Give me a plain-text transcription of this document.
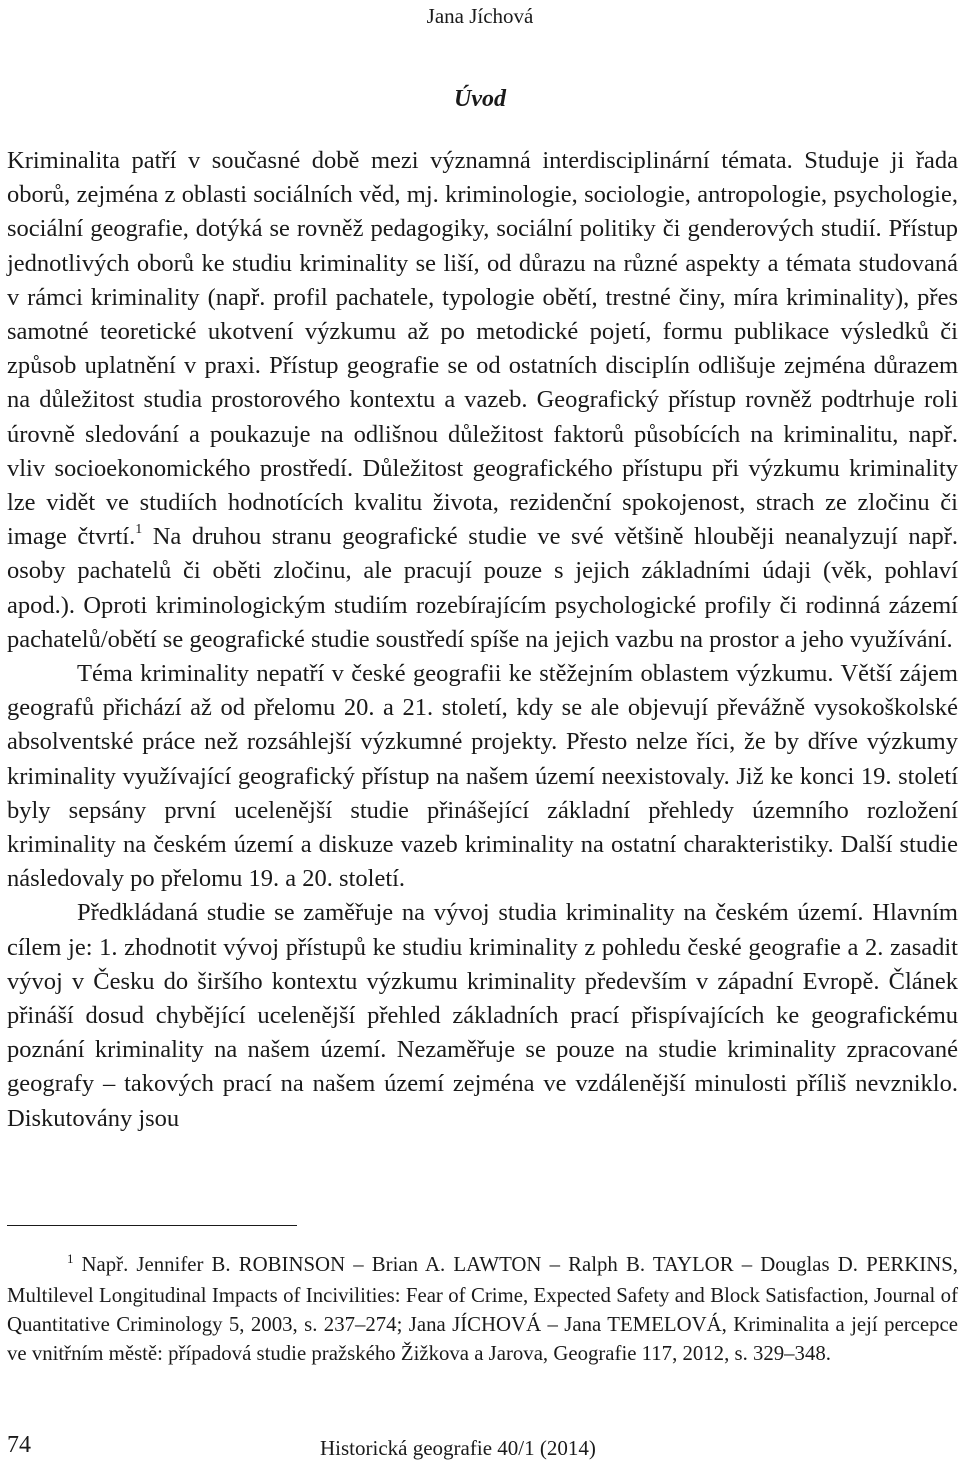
Jana Jíchová
Úvod

Kriminalita patří v současné době mezi významná interdisciplinární témata. Studuje ji řada oborů, zejména z oblasti sociálních věd, mj. kriminologie, sociologie, antropologie, psychologie, sociální geografie, dotýká se rovněž pedagogiky, sociální politiky či genderových studií. Přístup jednotlivých oborů ke studiu kriminality se liší, od důrazu na různé aspekty a témata studovaná v rámci kriminality (např. profil pachatele, typologie obětí, trestné činy, míra kriminality), přes samotné teoretické ukotvení výzkumu až po metodické pojetí, formu publikace výsledků či způsob uplatnění v praxi. Přístup geografie se od ostatních disciplín odlišuje zejména důrazem na důležitost studia prostorového kontextu a vazeb. Geografický přístup rovněž podtrhuje roli úrovně sledování a poukazuje na odlišnou důležitost faktorů působících na kriminalitu, např. vliv socioekonomického prostředí. Důležitost geografického přístupu při výzkumu kriminality lze vidět ve studiích hodnotících kvalitu života, rezidenční spokojenost, strach ze zločinu či image čtvrtí.$^1$ Na druhou stranu geografické studie ve své většině hlouběji neanalyzují např. osoby pachatelů či oběti zločinu, ale pracují pouze s jejich základními údaji (věk, pohlaví apod.). Oproti kriminologickým studiím rozebírajícím psychologické profily či rodinná zázemí pachatelů/obětí se geografické studie soustředí spíše na jejich vazbu na prostor a jeho využívání.

Téma kriminality nepatří v české geografii ke stěžejním oblastem výzkumu. Větší zájem geografů přichází až od přelomu 20. a 21. století, kdy se ale objevují převážně vysokoškolské absolventské práce než rozsáhlejší výzkumné projekty. Přesto nelze říci, že by dříve výzkumy kriminality využívající geografický přístup na našem území neexistovaly. Již ke konci 19. století byly sepsány první ucelenější studie přinášející základní přehledy územního rozložení kriminality na českém území a diskuze vazeb kriminality na ostatní charakteristiky. Další studie následovaly po přelomu 19. a 20. století.

Předkládaná studie se zaměřuje na vývoj studia kriminality na českém území. Hlavním cílem je: 1. zhodnotit vývoj přístupů ke studiu kriminality z pohledu české geografie a 2. zasadit vývoj v Česku do širšího kontextu výzkumu kriminality především v západní Evropě. Článek přináší dosud chybějící ucelenější přehled základních prací přispívajících ke geografickému poznání kriminality na našem území. Nezaměřuje se pouze na studie kriminality zpracované geografy – takových prací na našem území zejména ve vzdálenější minulosti příliš nevzniklo. Diskutovány jsou

$^1$ Např. Jennifer B. ROBINSON – Brian A. LAWTON – Ralph B. TAYLOR – Douglas D. PERKINS, Multilevel Longitudinal Impacts of Incivilities: Fear of Crime, Expected Safety and Block Satisfaction, Journal of Quantitative Criminology 5, 2003, s. 237–274; Jana JÍCHOVÁ – Jana TEMELOVÁ, Kriminalita a její percepce ve vnitřním městě: případová studie pražského Žižkova a Jarova, Geografie 117, 2012, s. 329–348.

74	Historická geografie 40/1 (2014)
